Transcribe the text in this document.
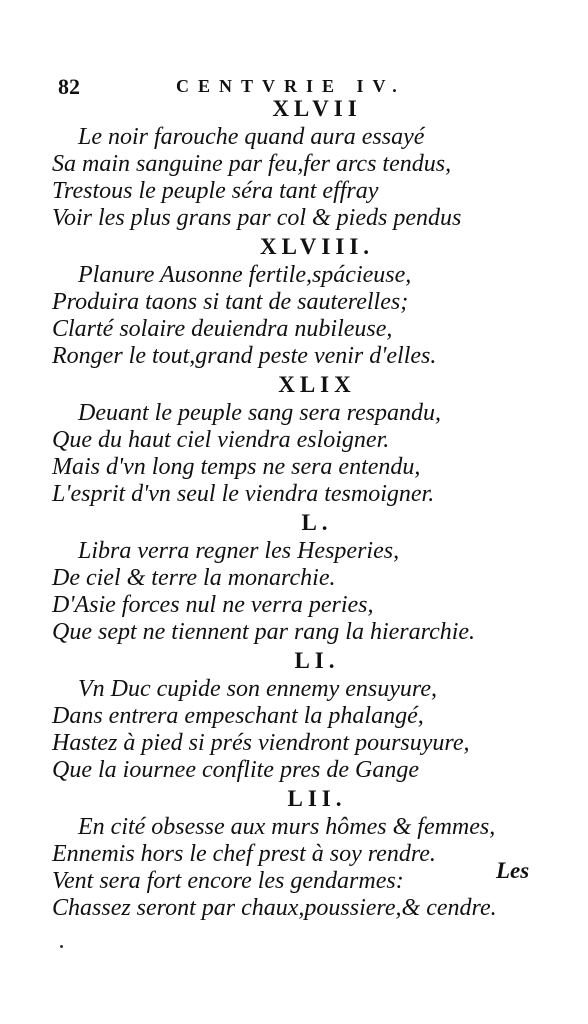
82	CENTVRIE IV.
XLVII
Le noir farouche quand aura essayé
Sa main sanguine par feu,fer arcs tendus,
Trestous le peuple séra tant effray
Voir les plus grans par col & pieds pendus
XLVIII.
Planure Ausonne fertile,spácieuse,
Produira taons si tant de sauterelles;
Clarté solaire deuiendra nubileuse,
Ronger le tout,grand peste venir d'elles.
XLIX
Deuant le peuple sang sera respandu,
Que du haut ciel viendra esloigner.
Mais d'vn long temps ne sera entendu,
L'esprit d'vn seul le viendra tesmoigner.
L.
Libra verra regner les Hesperies,
De ciel & terre la monarchie.
D'Asie forces nul ne verra peries,
Que sept ne tiennent par rang la hierarchie.
LI.
Vn Duc cupide son ennemy ensuyure,
Dans entrera empeschant la phalangé,
Hastez à pied si prés viendront poursuyure,
Que la iournee conflite pres de Gange
LII.
En cité obsesse aux murs hômes & femmes,
Ennemis hors le chef prest à soy rendre.
Vent sera fort encore les gendarmes:
Chassez seront par chaux,poussiere,& cendre.
Les
